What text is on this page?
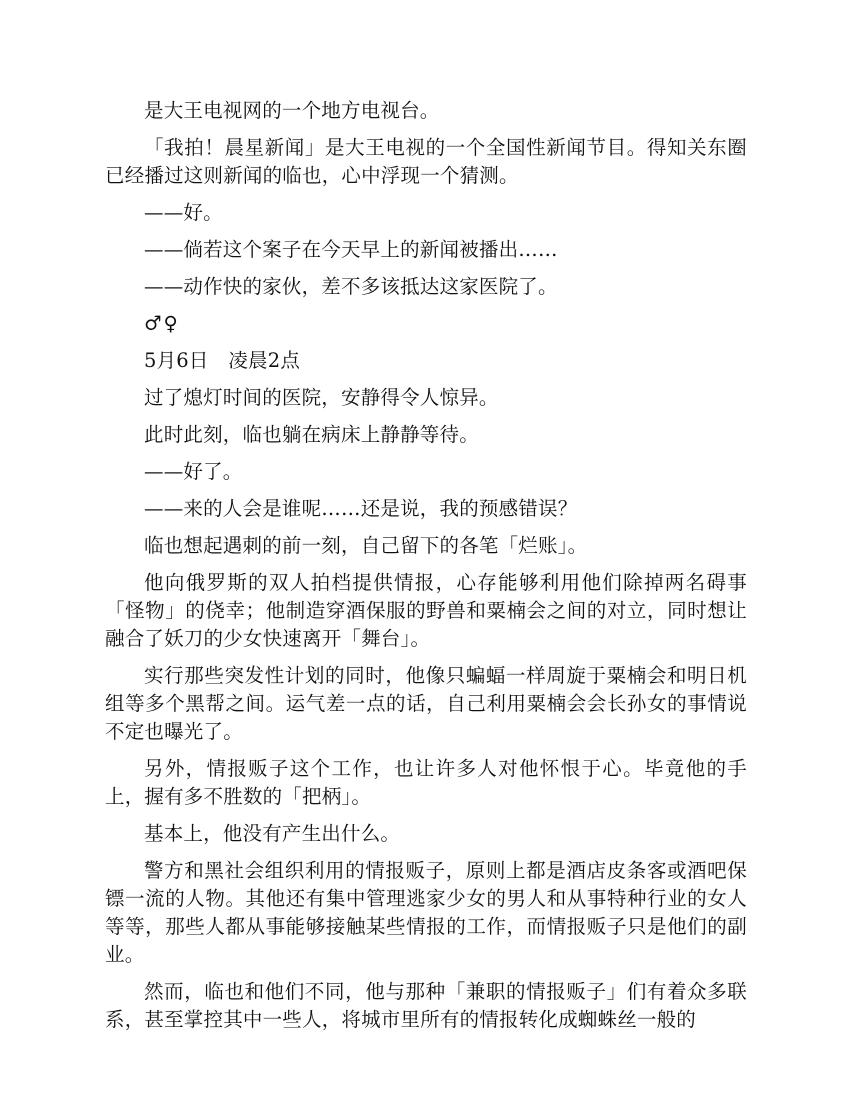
是大王电视网的一个地方电视台。

「我拍！晨星新闻」是大王电视的一个全国性新闻节目。得知关东圈已经播过这则新闻的临也，心中浮现一个猜测。

——好。

——倘若这个案子在今天早上的新闻被播出……

——动作快的家伙，差不多该抵达这家医院了。

♂♀

5月6日　凌晨2点

过了熄灯时间的医院，安静得令人惊异。

此时此刻，临也躺在病床上静静等待。

——好了。

——来的人会是谁呢……还是说，我的预感错误？

临也想起遇刺的前一刻，自己留下的各笔「烂账」。

他向俄罗斯的双人拍档提供情报，心存能够利用他们除掉两名碍事「怪物」的侥幸；他制造穿酒保服的野兽和粟楠会之间的对立，同时想让融合了妖刀的少女快速离开「舞台」。

实行那些突发性计划的同时，他像只蝙蝠一样周旋于粟楠会和明日机组等多个黑帮之间。运气差一点的话，自己利用粟楠会会长孙女的事情说不定也曝光了。

另外，情报贩子这个工作，也让许多人对他怀恨于心。毕竟他的手上，握有多不胜数的「把柄」。

基本上，他没有产生出什么。

警方和黑社会组织利用的情报贩子，原则上都是酒店皮条客或酒吧保镖一流的人物。其他还有集中管理逃家少女的男人和从事特种行业的女人等等，那些人都从事能够接触某些情报的工作，而情报贩子只是他们的副业。

然而，临也和他们不同，他与那种「兼职的情报贩子」们有着众多联系，甚至掌控其中一些人，将城市里所有的情报转化成蜘蛛丝一般的
